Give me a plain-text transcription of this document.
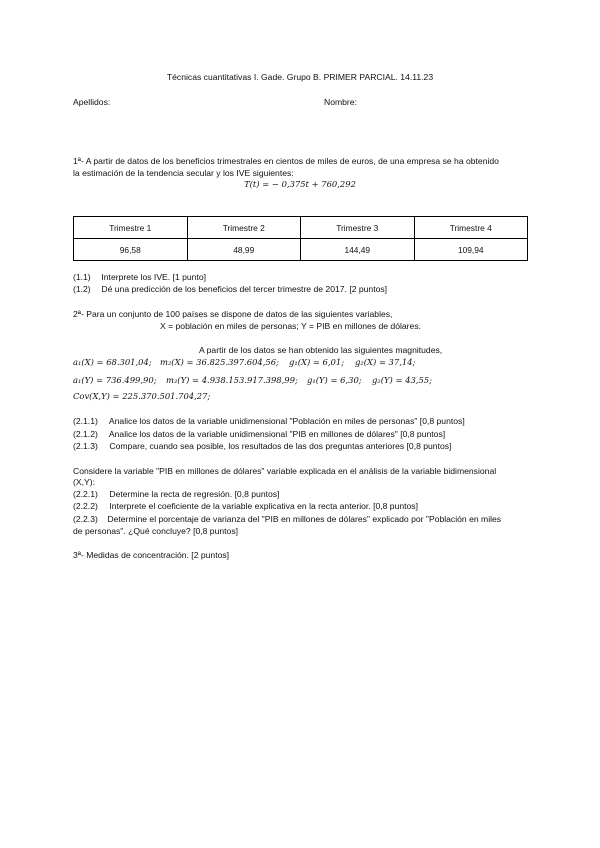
Técnicas cuantitativas I. Gade. Grupo B. PRIMER PARCIAL. 14.11.23
Apellidos:	Nombre:
1ª- A partir de datos de los beneficios trimestrales en cientos de miles de euros, de una empresa se ha obtenido
la estimación de la tendencia secular y los IVE siguientes:
T(t) = − 0,375t + 760,292
Trimestre 1	Trimestre 2	Trimestre 3	Trimestre 4
96,58	48,99	144,49	109,94
(1.1) Interprete los IVE. [1 punto]
(1.2) Dé una predicción de los beneficios del tercer trimestre de 2017. [2 puntos]
2ª- Para un conjunto de 100 países se dispone de datos de las siguientes variables,
X = población en miles de personas; Y = PIB en millones de dólares.
A partir de los datos se han obtenido las siguientes magnitudes,
a₁(X) = 68.301,04; m₂(X) = 36.825.397.604,56; g₁(X) = 6,01; g₂(X) = 37,14;
a₁(Y) = 736.499,90; m₂(Y) = 4.938.153.917.398,99; g₁(Y) = 6,30; g₂(Y) = 43,55;
Cov(X,Y) = 225.370.501.704,27;
(2.1.1) Analice los datos de la variable unidimensional "Población en miles de personas" [0,8 puntos]
(2.1.2) Analice los datos de la variable unidimensional "PIB en millones de dólares" [0,8 puntos]
(2.1.3) Compare, cuando sea posible, los resultados de las dos preguntas anteriores [0,8 puntos]
Considere la variable "PIB en millones de dólares" variable explicada en el análisis de la variable bidimensional
(X,Y):
(2.2.1) Determine la recta de regresión. [0,8 puntos]
(2.2.2) Interprete el coeficiente de la variable explicativa en la recta anterior. [0,8 puntos]
(2.2.3)    Determine el porcentaje de varianza del "PIB en millones de dólares" explicado por "Población en miles
de personas". ¿Qué concluye? [0,8 puntos]
3ª- Medidas de concentración. [2 puntos]
